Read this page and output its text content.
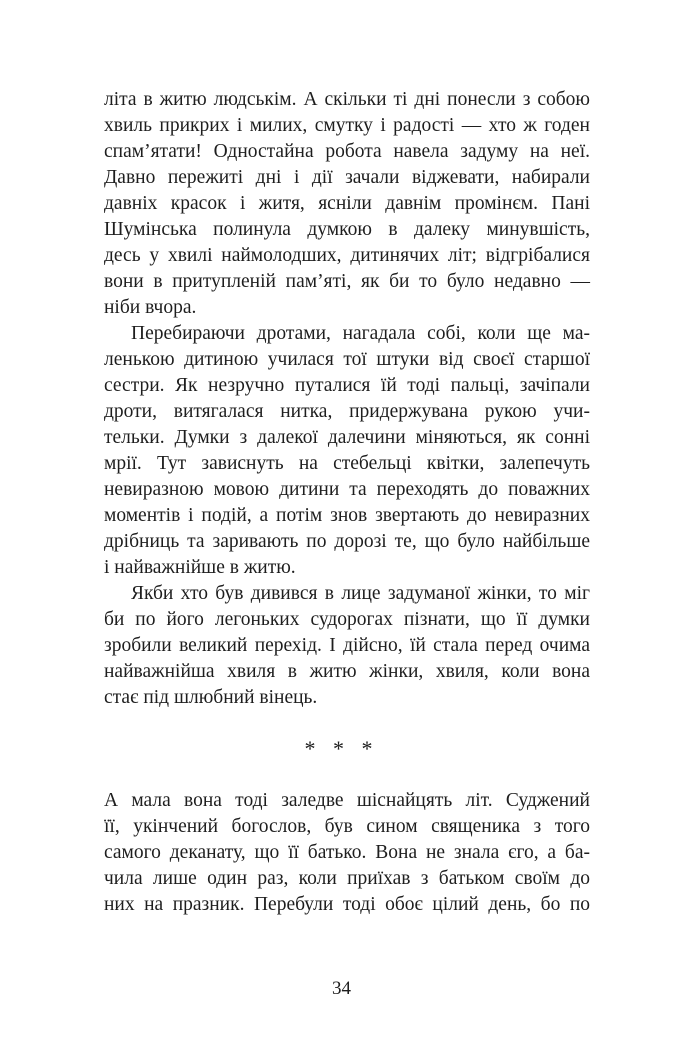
літа в житю людськім. А скільки ті дні понесли з собою
хвиль прикрих і милих, смутку і радості — хто ж годен
спам’ятати! Одностайна робота навела задуму на неї.
Давно пережиті дні і дії зачали віджевати, набирали
давніх красок і житя, ясніли давнім промінєм. Пані
Шумінська полинула думкою в далеку минувшість,
десь у хвилі наймолодших, дитинячих літ; відгрібалися
вони в притупленій пам’яті, як би то було недавно —
ніби вчора.
Перебираючи дротами, нагадала собі, коли ще ма-
ленькою дитиною училася тої штуки від своєї старшої
сестри. Як незручно путалися їй тоді пальці, зачіпали
дроти, витягалася нитка, придержувана рукою учи-
тельки. Думки з далекої далечини міняються, як сонні
мрії. Тут зависнуть на стебельці квітки, залепечуть
невиразною мовою дитини та переходять до поважних
моментів і подій, а потім знов звертають до невиразних
дрібниць та заривають по дорозі те, що було найбільше
і найважнійше в житю.
Якби хто був дивився в лице задуманої жінки, то міг
би по його легоньких судорогах пізнати, що її думки
зробили великий перехід. І дійсно, їй стала перед очима
найважнійша хвиля в житю жінки, хвиля, коли вона
стає під шлюбний вінець.
* * *
А мала вона тоді заледве шіснайцять літ. Суджений
її, укінчений богослов, був сином священика з того
самого деканату, що її батько. Вона не знала єго, а ба-
чила лише один раз, коли приїхав з батьком своїм до
них на празник. Перебули тоді обоє цілий день, бо по
34
